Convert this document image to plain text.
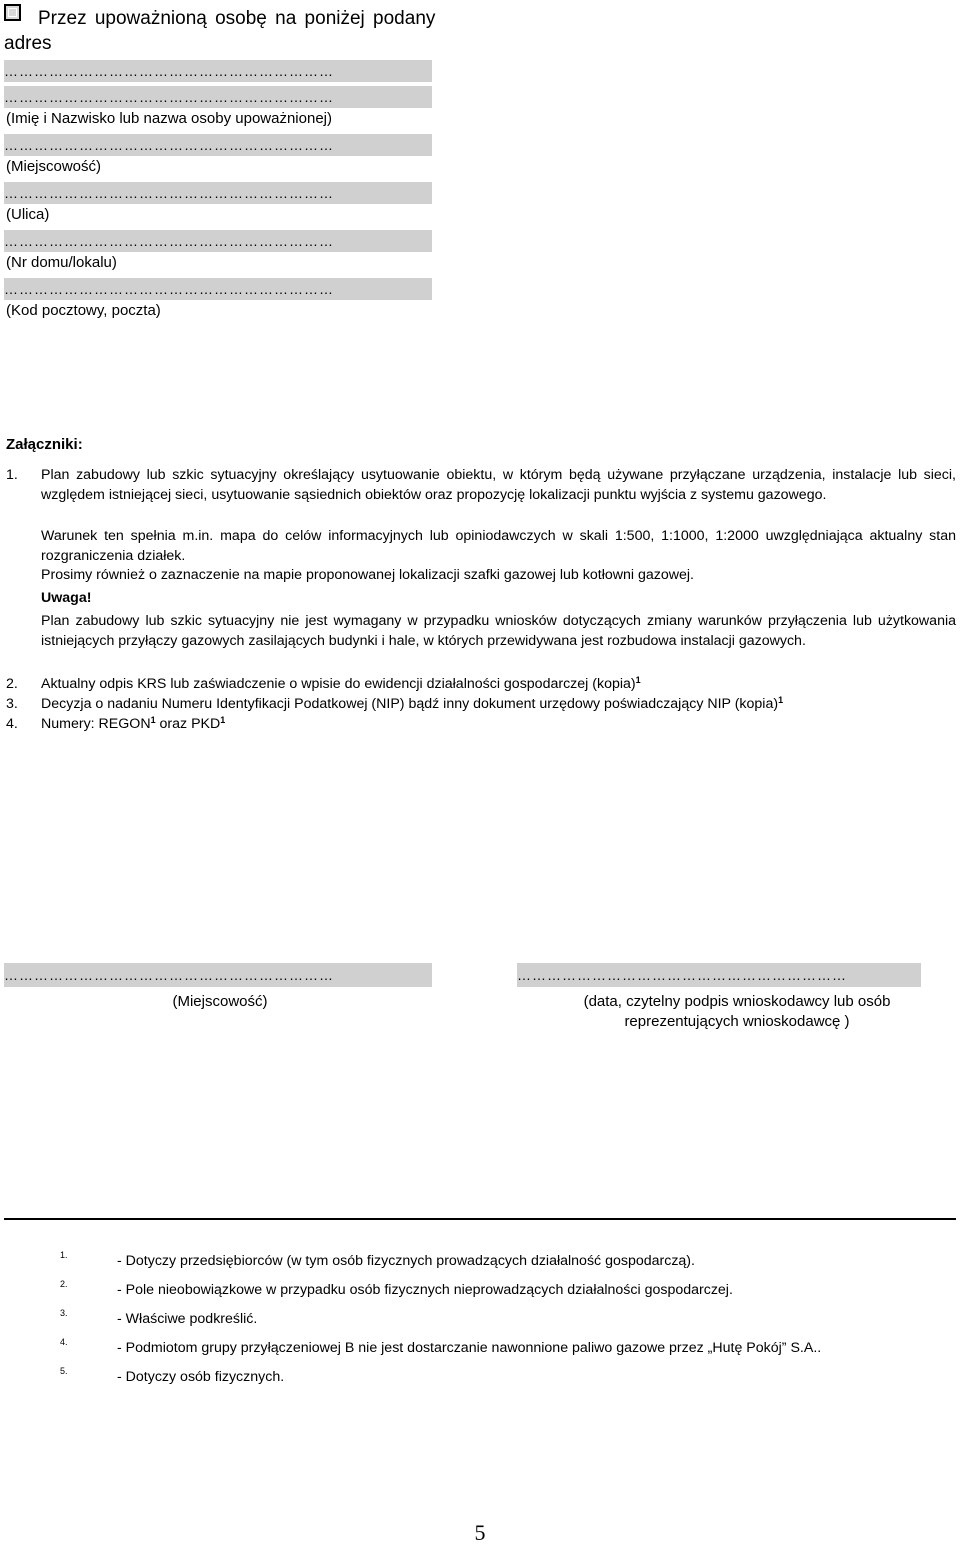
Przez upoważnioną osobę na poniżej podany adres
…………………………………………………………
…………………………………………………………
(Imię i Nazwisko lub nazwa osoby upoważnionej)
…………………………………………………………
(Miejscowość)
…………………………………………………………
(Ulica)
…………………………………………………………
(Nr domu/lokalu)
…………………………………………………………
(Kod pocztowy, poczta)
Załączniki:
1. Plan zabudowy lub szkic sytuacyjny określający usytuowanie obiektu, w którym będą używane przyłączane urządzenia, instalacje lub sieci, względem istniejącej sieci, usytuowanie sąsiednich obiektów oraz propozycję lokalizacji punktu wyjścia z systemu gazowego.
Warunek ten spełnia m.in. mapa do celów informacyjnych lub opiniodawczych w skali 1:500, 1:1000, 1:2000 uwzględniająca aktualny stan rozgraniczenia działek.
Prosimy również o zaznaczenie na mapie proponowanej lokalizacji szafki gazowej lub kotłowni gazowej.
Uwaga!
Plan zabudowy lub szkic sytuacyjny nie jest wymagany w przypadku wniosków dotyczących zmiany warunków przyłączenia lub użytkowania istniejących przyłączy gazowych zasilających budynki i hale, w których przewidywana jest rozbudowa instalacji gazowych.
2. Aktualny odpis KRS lub zaświadczenie o wpisie do ewidencji działalności gospodarczej (kopia)$^1$
3. Decyzja o nadaniu Numeru Identyfikacji Podatkowej (NIP) bądź inny dokument urzędowy poświadczający NIP (kopia)$^1$
4. Numery: REGON$^1$ oraz PKD$^1$
…………………………………………………………	…………………………………………………………
(Miejscowość)	(data, czytelny podpis wnioskodawcy lub osób
reprezentujących wnioskodawcę )
1.	- Dotyczy przedsiębiorców (w tym osób fizycznych prowadzących działalność gospodarczą).
2.	- Pole nieobowiązkowe w przypadku osób fizycznych nieprowadzących działalności gospodarczej.
3.	- Właściwe podkreślić.
4.	- Podmiotom grupy przyłączeniowej B nie jest dostarczanie nawonnione paliwo gazowe przez „Hutę Pokój” S.A..
5.	- Dotyczy osób fizycznych.
5
